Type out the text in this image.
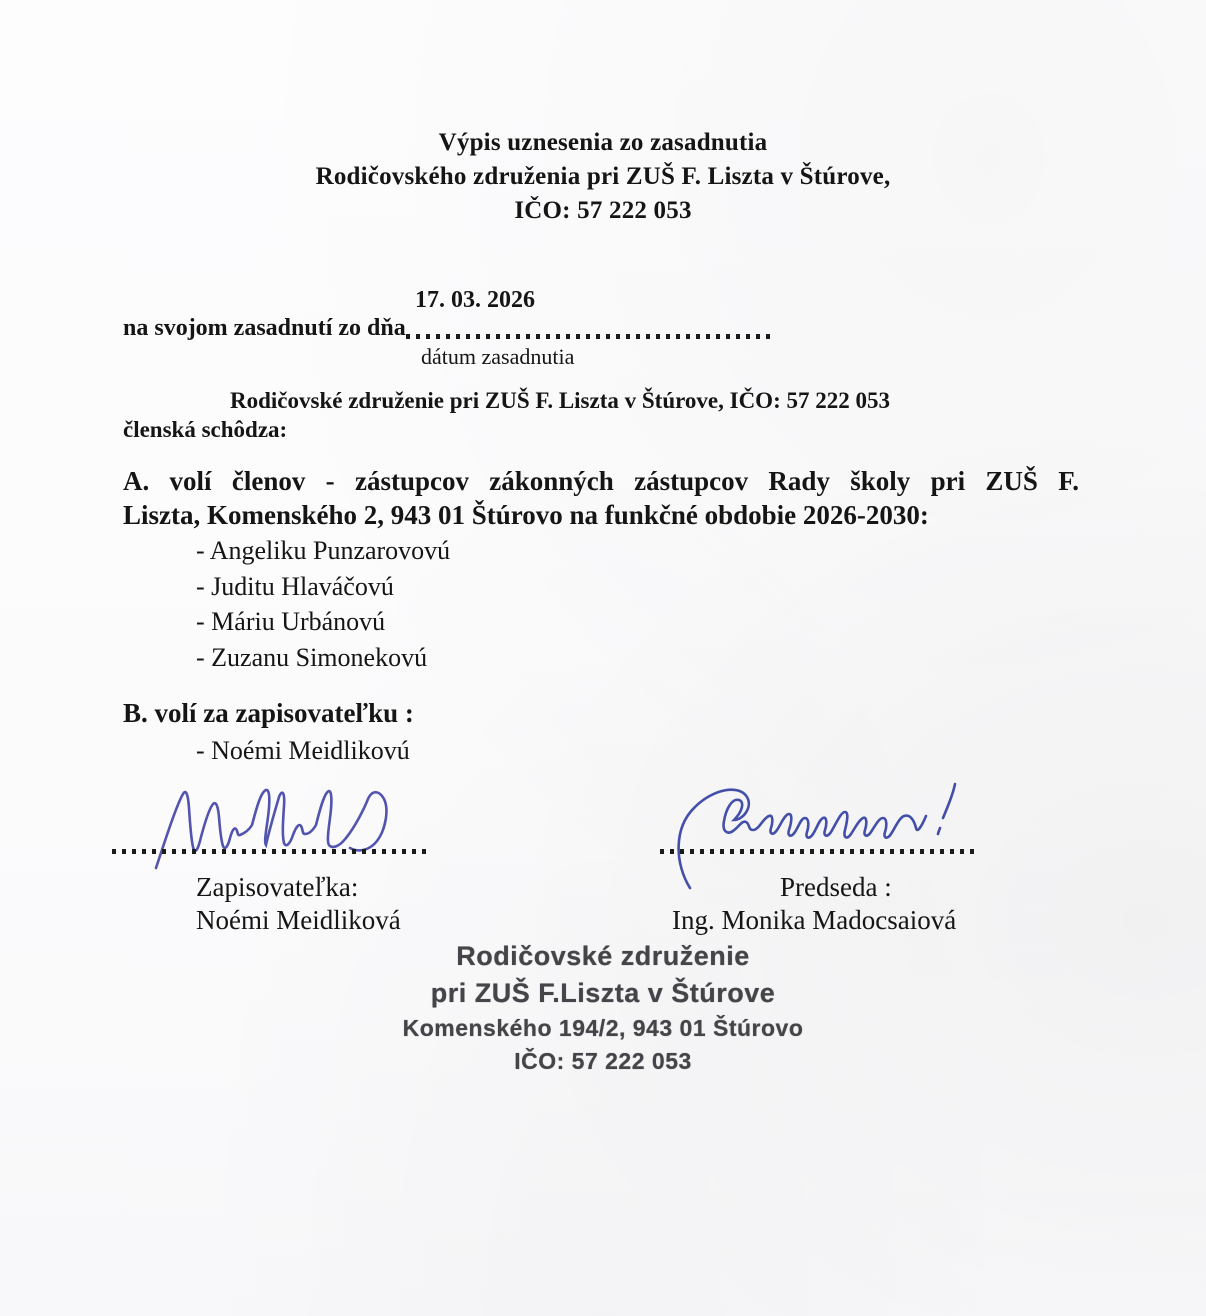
Výpis uznesenia zo zasadnutia
Rodičovského združenia pri ZUŠ F. Liszta v Štúrove,
IČO: 57 222 053
17. 03. 2026
na svojom zasadnutí zo dňa
dátum zasadnutia
Rodičovské združenie pri ZUŠ F. Liszta v Štúrove, IČO: 57 222 053
členská schôdza:
A. volí členov - zástupcov zákonných zástupcov Rady školy pri ZUŠ F.
Liszta, Komenského 2, 943 01 Štúrovo na funkčné obdobie 2026-2030:
- Angeliku Punzarovovú
- Juditu Hlaváčovú
- Máriu Urbánovú
- Zuzanu Simonekovú
B. volí za zapisovateľku :
- Noémi Meidlikovú
Zapisovateľka:
Noémi Meidliková
Predseda :
Ing. Monika Madocsaiová
Rodičovské združenie
pri ZUŠ F.Liszta v Štúrove
Komenského 194/2, 943 01 Štúrovo
IČO: 57 222 053
